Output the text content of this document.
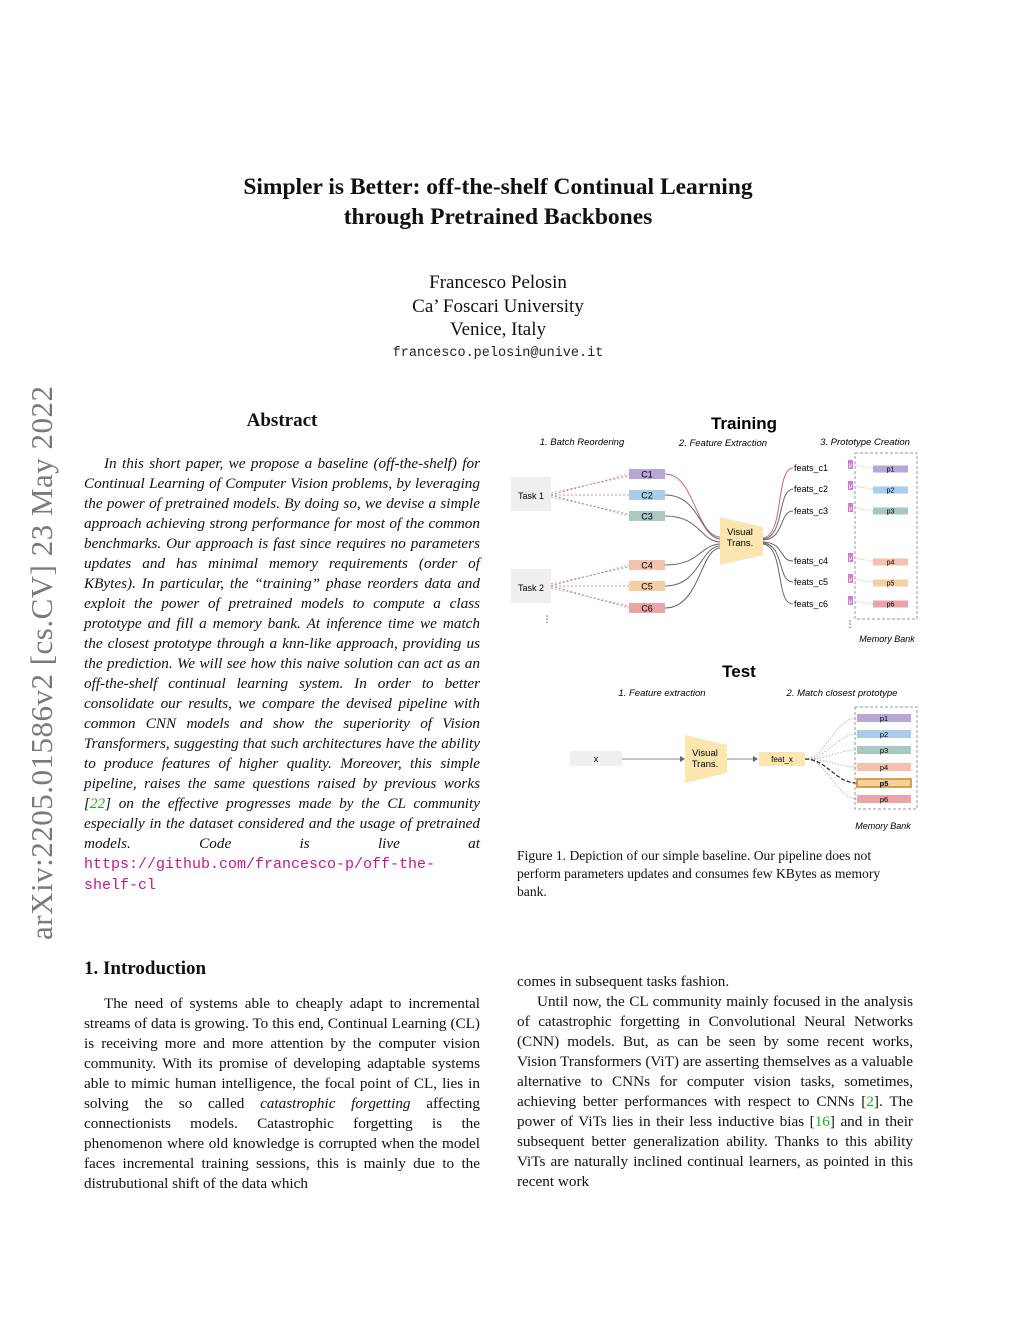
arXiv:2205.01586v2 [cs.CV] 23 May 2022
Simpler is Better: off-the-shelf Continual Learning
through Pretrained Backbones
Francesco Pelosin
Ca’ Foscari University
Venice, Italy
francesco.pelosin@unive.it
Abstract

In this short paper, we propose a baseline (off-the-shelf) for Continual Learning of Computer Vision problems, by leveraging the power of pretrained models. By doing so, we devise a simple approach achieving strong performance for most of the common benchmarks. Our approach is fast since requires no parameters updates and has minimal memory requirements (order of KBytes). In particular, the “training” phase reorders data and exploit the power of pretrained models to compute a class prototype and fill a memory bank. At inference time we match the closest prototype through a knn-like approach, providing us the prediction. We will see how this naive solution can act as an off-the-shelf continual learning system. In order to better consolidate our results, we compare the devised pipeline with common CNN models and show the superiority of Vision Transformers, suggesting that such architectures have the ability to produce features of higher quality. Moreover, this simple pipeline, raises the same questions raised by previous works [22] on the effective progresses made by the CL community especially in the dataset considered and the usage of pretrained models. Code is live at https://github.com/francesco-p/off-the-shelf-cl

1. Introduction

The need of systems able to cheaply adapt to incremental streams of data is growing. To this end, Continual Learning (CL) is receiving more and more attention by the computer vision community. With its promise of developing adaptable systems able to mimic human intelligence, the focal point of CL, lies in solving the so called catastrophic forgetting affecting connectionists models. Catastrophic forgetting is the phenomenon where old knowledge is corrupted when the model faces incremental training sessions, this is mainly due to the distrubutional shift of the data which

comes in subsequent tasks fashion.

Until now, the CL community mainly focused in the analysis of catastrophic forgetting in Convolutional Neural Networks (CNN) models. But, as can be seen by some recent works, Vision Transformers (ViT) are asserting themselves as a valuable alternative to CNNs for computer vision tasks, sometimes, achieving better performances with respect to CNNs [2]. The power of ViTs lies in their less inductive bias [16] and in their subsequent better generalization ability. Thanks to this ability ViTs are naturally inclined continual learners, as pointed in this recent work

Training
1. Batch Reordering	2. Feature Extraction	3. Prototype Creation
Task 1
Task 2
⋮
C1
C2
C3
C4
C5
C6
Visual
Trans.
feats_c1	μ
feats_c2	μ
feats_c3	μ
feats_c4	μ
feats_c5	μ
feats_c6	μ
p1
p2
p3
p4
p5
p6
⋮
Memory Bank
Test
1. Feature extraction	2. Match closest prototype
x	Visual
Trans.	feat_x
p1
p2
p3
p4
p5
p6
Memory Bank
Figure 1. Depiction of our simple baseline. Our pipeline does not perform parameters updates and consumes few KBytes as memory bank.
